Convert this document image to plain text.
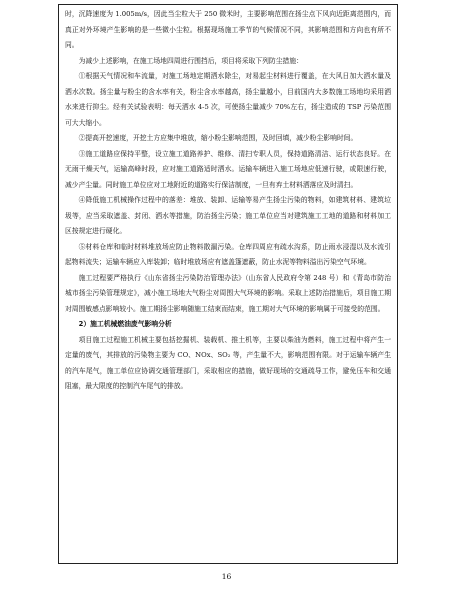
时，沉降速度为 1.005m/s，因此当尘粒大于 250 微米时，主要影响范围在扬尘点下风向近距离范围内，而真正对外环境产生影响的是一些微小尘粒。根据现场施工季节的气候情况不同，其影响范围和方向也有所不同。

为减少上述影响，在施工场地四周进行围挡后，项目将采取下列防尘措施：

①根据天气情况和车流量，对施工场地定期洒水除尘，对易起尘材料进行覆盖，在大风日加大洒水量及洒水次数。扬尘量与粉尘的含水率有关，粉尘含水率越高，扬尘量越小，目前国内大多数施工场地均采用洒水来进行抑尘。经有关试验表明：每天洒水 4-5 次，可使扬尘量减少 70%左右，扬尘造成的 TSP 污染范围可大大缩小。

②提高开挖速度，开挖土方应集中堆放，缩小粉尘影响范围，及时回填，减少粉尘影响时间。

③施工道路应保持平整，设立施工道路养护、维修、清扫专职人员，保持道路清洁、运行状态良好。在无雨干燥天气，运输高峰时段，应对施工道路适时洒水。运输车辆进入施工场地应低速行驶，或限速行驶，减少产尘量。同时施工单位应对工地附近的道路实行保洁制度，一旦有弃土材料洒落应及时清扫。

④降低施工机械操作过程中的落差：堆放、装卸、运输等易产生扬尘污染的物料，如建筑材料、建筑垃圾等，应当采取遮盖、封闭、洒水等措施，防治扬尘污染；施工单位应当对建筑施工工地的道路和材料加工区按规定进行硬化。

⑤材料仓库和临时材料堆放场应防止物料散漏污染。仓库四周应有疏水沟系，防止雨水浸湿以及水流引起物料流失；运输车辆应入库装卸；临时堆放场应有遮盖篷遮蔽，防止水泥等物料溢出污染空气环境。

施工过程要严格执行《山东省扬尘污染防治管理办法》（山东省人民政府令第 248 号）和《青岛市防治城市扬尘污染管理规定》，减小施工场地大气粉尘对周围大气环境的影响。采取上述防治措施后，项目施工期对周围敏感点影响较小。施工期扬尘影响随施工结束而结束，施工期对大气环境的影响属于可接受的范围。

2）施工机械燃油废气影响分析

项目施工过程施工机械主要包括挖掘机、装载机、推土机等，主要以柴油为燃料，施工过程中将产生一定量的废气，其排放的污染物主要为 CO、NOx、SO₂ 等，产生量不大，影响范围有限。对于运输车辆产生的汽车尾气，施工单位应协调交通管理部门，采取相应的措施，做好现场的交通疏导工作，避免压车和交通阻塞，最大限度的控制汽车尾气的排放。

16
